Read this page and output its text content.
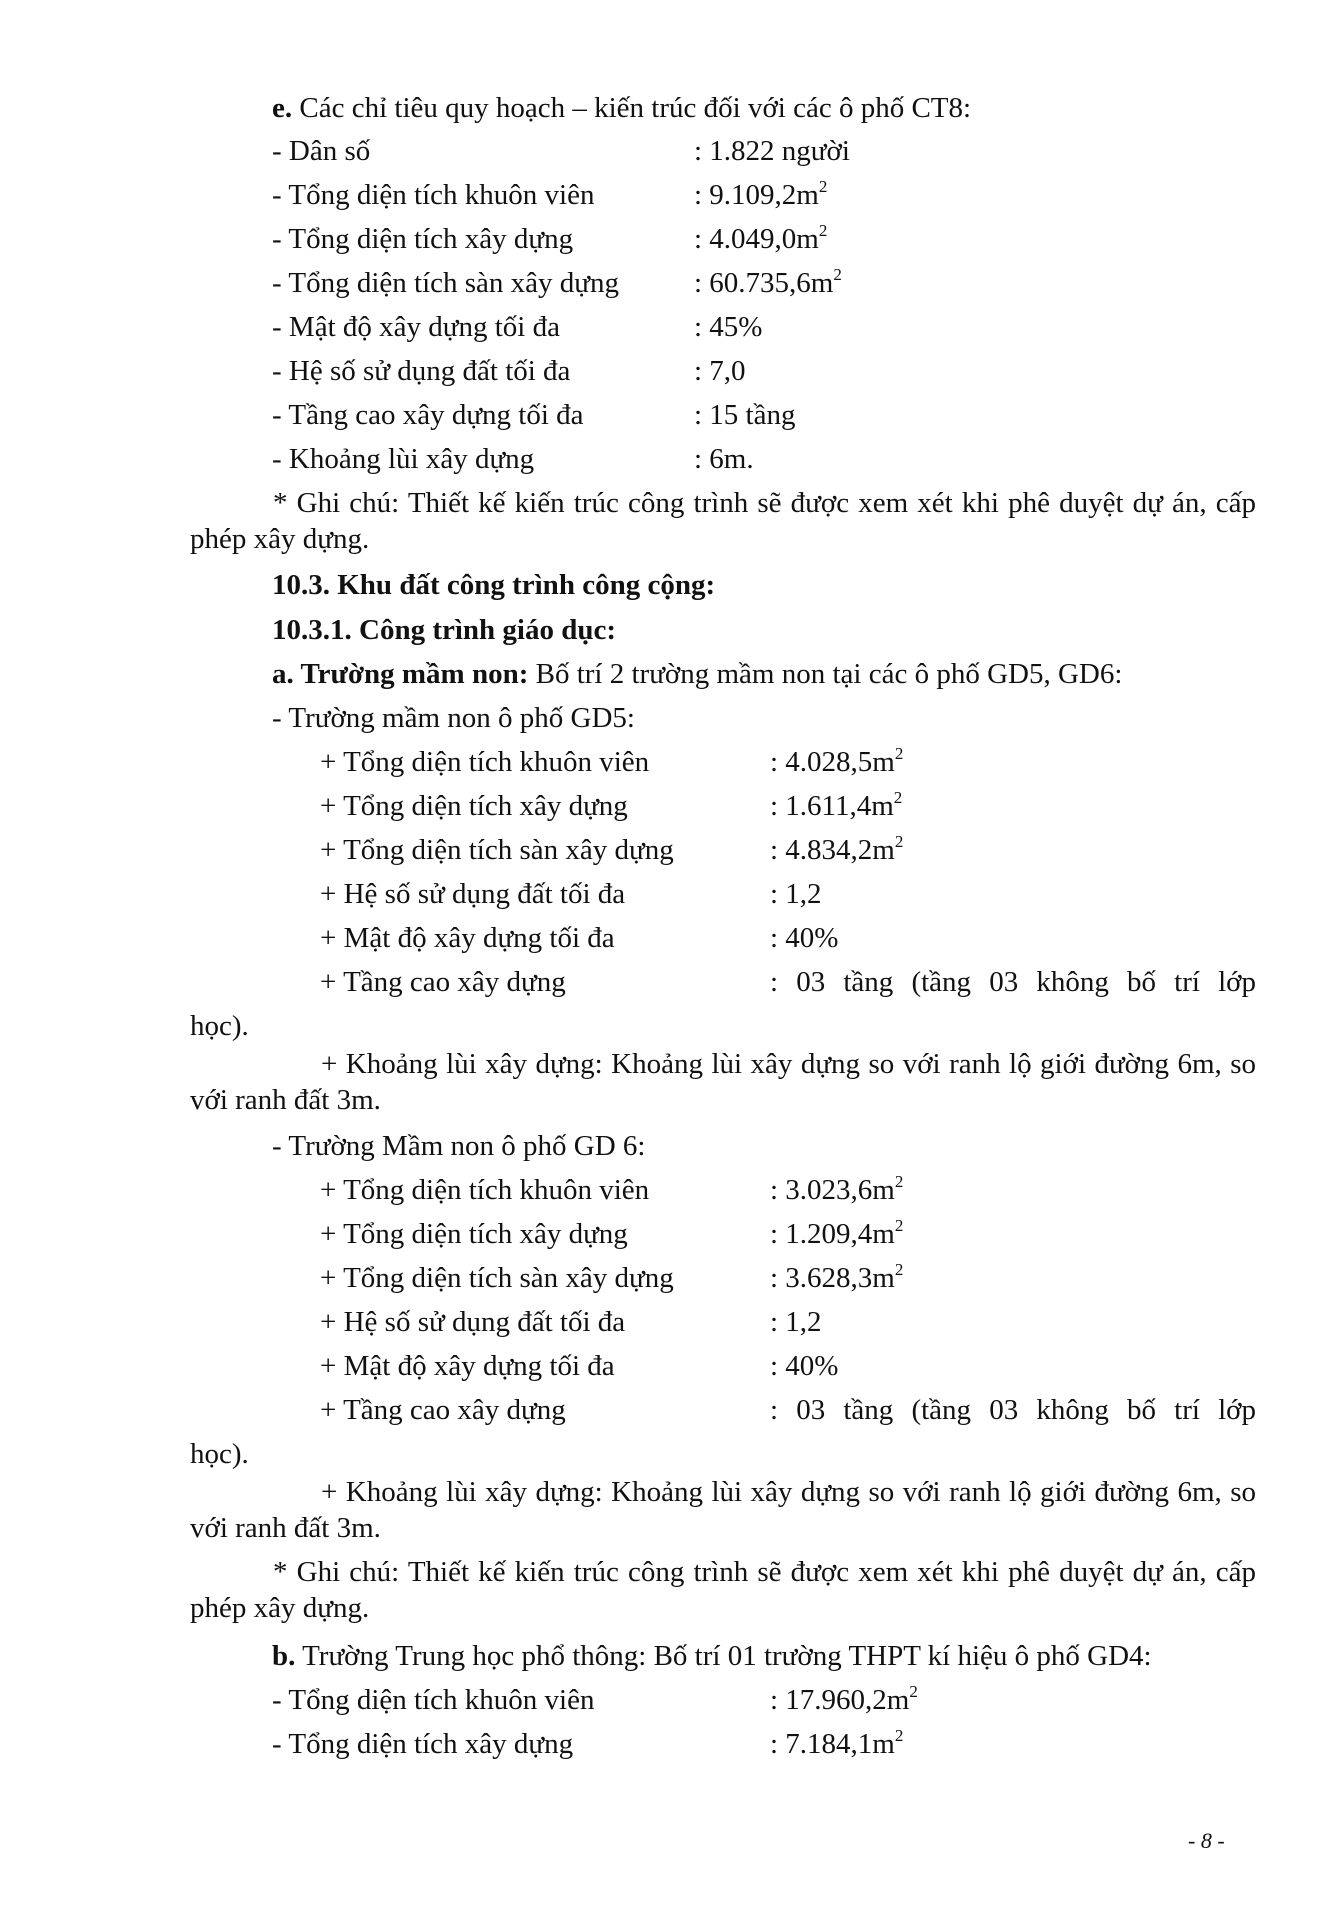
e. Các chỉ tiêu quy hoạch – kiến trúc đối với các ô phố CT8:
- Dân số	: 1.822 người
- Tổng diện tích khuôn viên	: $9.109,2m^2$
- Tổng diện tích xây dựng	: $4.049,0m^2$
- Tổng diện tích sàn xây dựng	: $60.735,6m^2$
- Mật độ xây dựng tối đa	: 45%
- Hệ số sử dụng đất tối đa	: 7,0
- Tầng cao xây dựng tối đa	: 15 tầng
- Khoảng lùi xây dựng	: 6m.
* Ghi chú: Thiết kế kiến trúc công trình sẽ được xem xét khi phê duyệt dự án, cấp phép xây dựng.
10.3. Khu đất công trình công cộng:
10.3.1. Công trình giáo dục:
a. Trường mầm non: Bố trí 2 trường mầm non tại các ô phố GD5, GD6:
- Trường mầm non ô phố GD5:
+ Tổng diện tích khuôn viên	: $4.028,5m^2$
+ Tổng diện tích xây dựng	: $1.611,4m^2$
+ Tổng diện tích sàn xây dựng	: $4.834,2m^2$
+ Hệ số sử dụng đất tối đa	: 1,2
+ Mật độ xây dựng tối đa	: 40%
+ Tầng cao xây dựng	: 03 tầng (tầng 03 không bố trí lớp
học).
+ Khoảng lùi xây dựng: Khoảng lùi xây dựng so với ranh lộ giới đường 6m, so với ranh đất 3m.
- Trường Mầm non ô phố GD 6:
+ Tổng diện tích khuôn viên	: $3.023,6m^2$
+ Tổng diện tích xây dựng	: $1.209,4m^2$
+ Tổng diện tích sàn xây dựng	: $3.628,3m^2$
+ Hệ số sử dụng đất tối đa	: 1,2
+ Mật độ xây dựng tối đa	: 40%
+ Tầng cao xây dựng	: 03 tầng (tầng 03 không bố trí lớp
học).
+ Khoảng lùi xây dựng: Khoảng lùi xây dựng so với ranh lộ giới đường 6m, so với ranh đất 3m.
* Ghi chú: Thiết kế kiến trúc công trình sẽ được xem xét khi phê duyệt dự án, cấp phép xây dựng.
b. Trường Trung học phổ thông: Bố trí 01 trường THPT kí hiệu ô phố GD4:
- Tổng diện tích khuôn viên	: $17.960,2m^2$
- Tổng diện tích xây dựng	: $7.184,1m^2$
- 8 -
